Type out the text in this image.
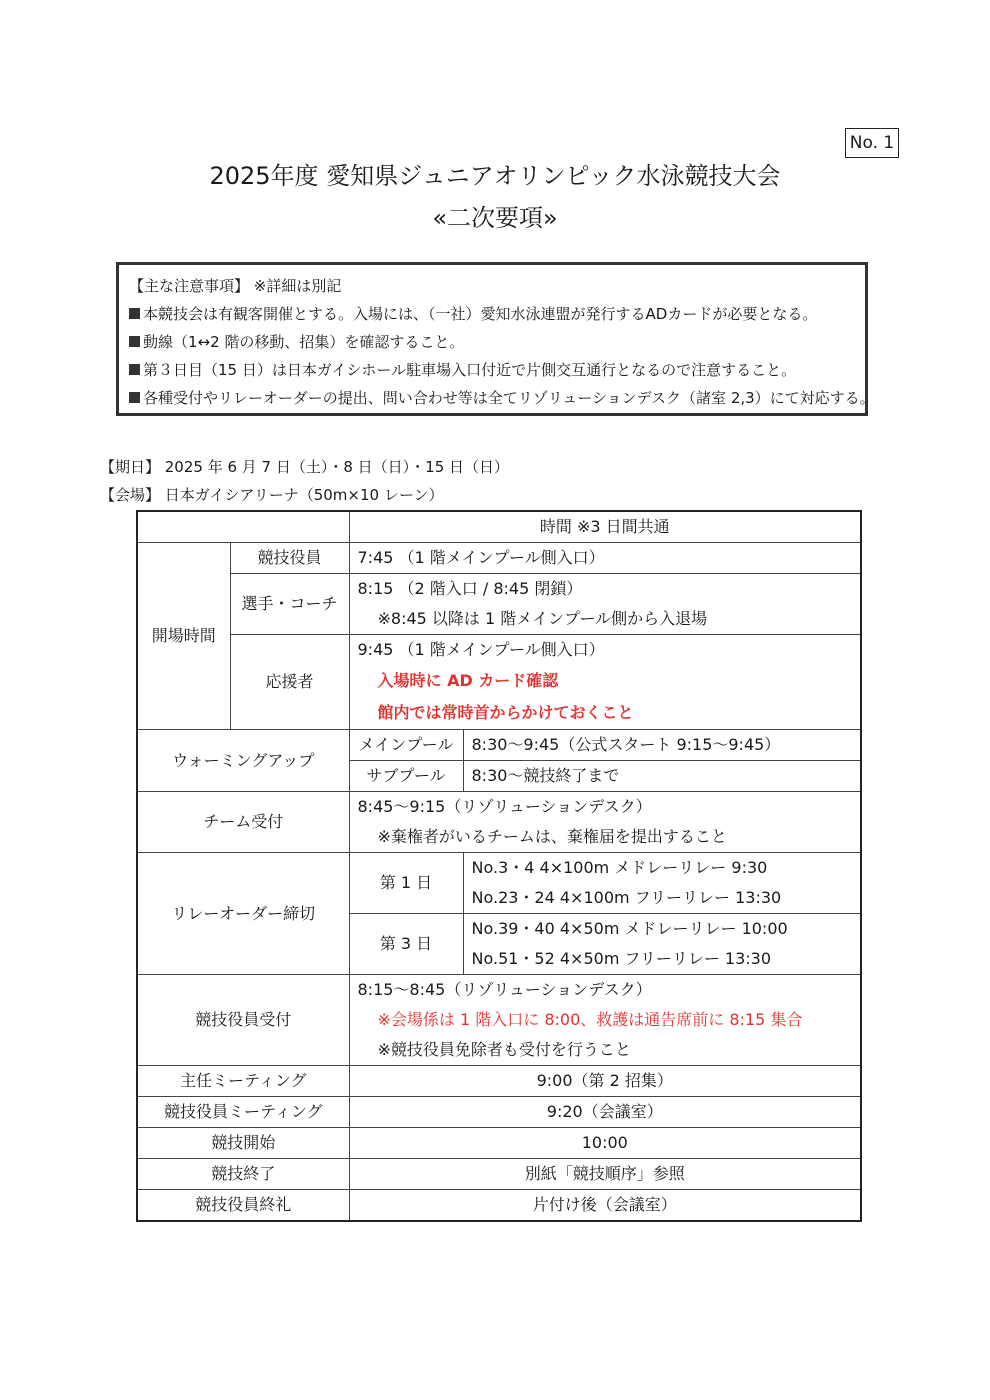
No. 1
2025年度 愛知県ジュニアオリンピック水泳競技大会
«二次要項»
【主な注意事項】 ※詳細は別記
本競技会は有観客開催とする。入場には、（一社）愛知水泳連盟が発行するADカードが必要となる。
動線（1↔2 階の移動、招集）を確認すること。
第３日目（15 日）は日本ガイシホール駐車場入口付近で片側交互通行となるので注意すること。
各種受付やリレーオーダーの提出、問い合わせ等は全てリゾリューションデスク（諸室 2,3）にて対応する。
【期日】 2025 年 6 月 7 日（土）・8 日（日）・15 日（日）
【会場】 日本ガイシアリーナ（50m×10 レーン）
		時間 ※3 日間共通	
開場時間	競技役員	7:45 （1 階メインプール側入口）	
	選手・コーチ	8:15 （2 階入口 / 8:45 閉鎖）	

		※8:45 以降は 1 階メインプール側から入退場	

	応援者	9:45 （1 階メインプール側入口）	

		入場時に AD カード確認
館内では常時首からかけておくこと	

ウォーミングアップ		メインプール	8:30～9:45（公式スタート 9:15～9:45）
		サブプール	8:30～競技終了まで
チーム受付		8:45～9:15（リゾリューションデスク）
※棄権者がいるチームは、棄権届を提出すること	

リレーオーダー締切		第 1 日	No.3・4 4×100m メドレーリレー 9:30
No.23・24 4×100m フリーリレー 13:30

		第 3 日	No.39・40 4×50m メドレーリレー 10:00
No.51・52 4×50m フリーリレー 13:30

競技役員受付		8:15～8:45（リゾリューションデスク）
※会場係は 1 階入口に 8:00、救護は通告席前に 8:15 集合
※競技役員免除者も受付を行うこと	

主任ミーティング		9:00（第 2 招集）	
競技役員ミーティング		9:20（会議室）	
競技開始		10:00	
競技終了		別紙「競技順序」参照	
競技役員終礼		片付け後（会議室）	
